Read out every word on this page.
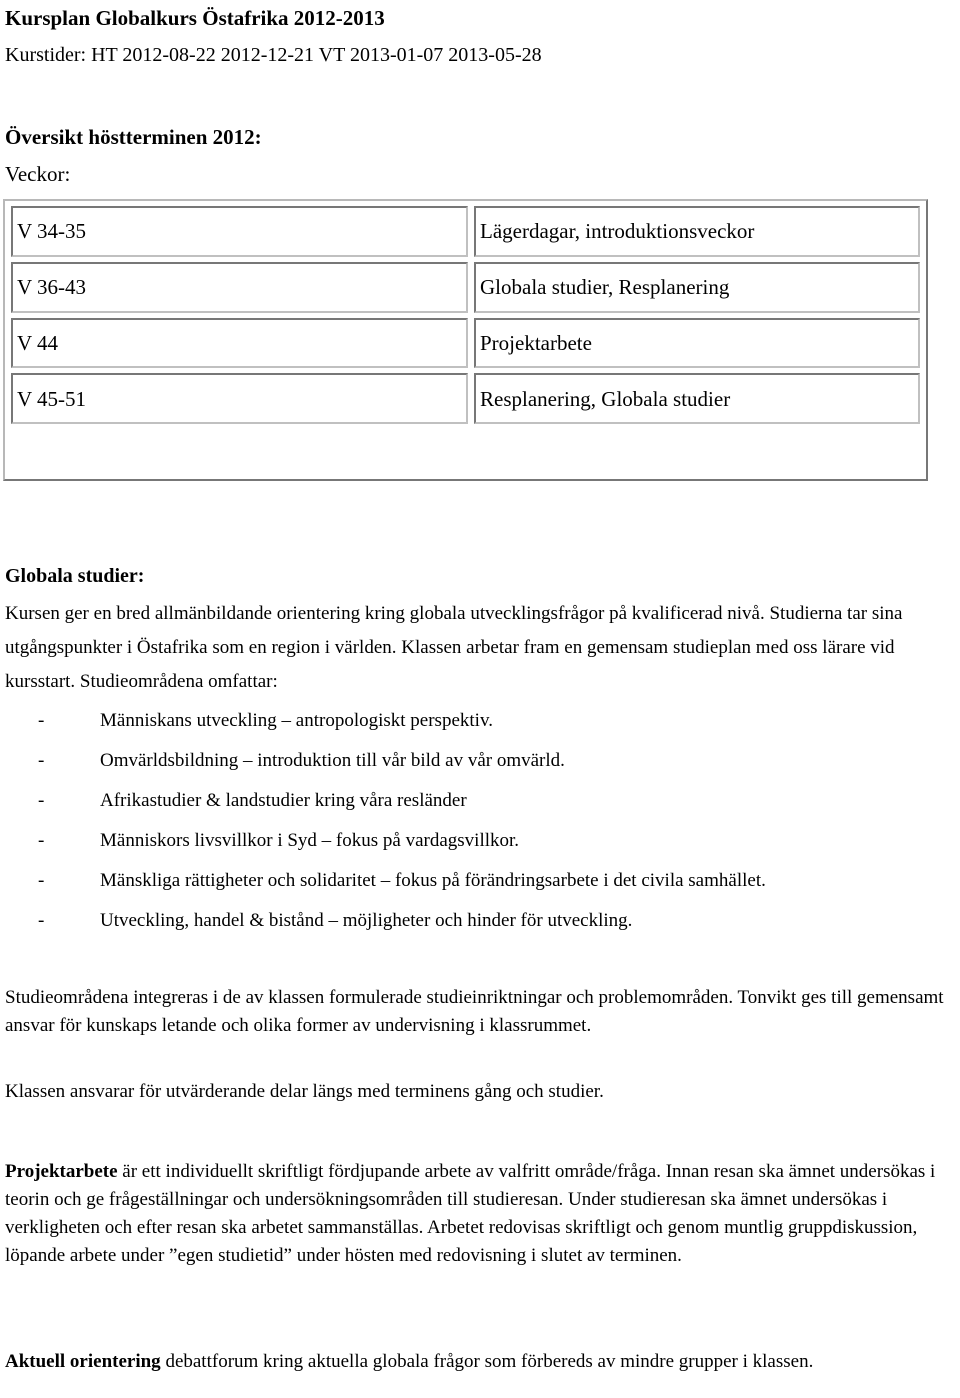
Kursplan Globalkurs Östafrika 2012-2013
Kurstider: HT 2012-08-22 2012-12-21 VT 2013-01-07 2013-05-28
Översikt höstterminen 2012:
Veckor:
V 34-35	Lägerdagar, introduktionsveckor
V 36-43	Globala studier, Resplanering
V 44	Projektarbete
V 45-51	Resplanering, Globala studier

Globala studier:
Kursen ger en bred allmänbildande orientering kring globala utvecklingsfrågor på kvalificerad nivå. Studierna tar sina utgångspunkter i Östafrika som en region i världen. Klassen arbetar fram en gemensam studieplan med oss lärare vid kursstart. Studieområdena omfattar:
-	Människans utveckling – antropologiskt perspektiv.
-	Omvärldsbildning – introduktion till vår bild av vår omvärld.
-	Afrikastudier & landstudier kring våra resländer
-	Människors livsvillkor i Syd – fokus på vardagsvillkor.
-	Mänskliga rättigheter och solidaritet – fokus på förändringsarbete i det civila samhället.
-	Utveckling, handel & bistånd – möjligheter och hinder för utveckling.
Studieområdena integreras i de av klassen formulerade studieinriktningar och problemområden. Tonvikt ges till gemensamt ansvar för kunskaps letande och olika former av undervisning i klassrummet.
Klassen ansvarar för utvärderande delar längs med terminens gång och studier.
Projektarbete är ett individuellt skriftligt fördjupande arbete av valfritt område/fråga. Innan resan ska ämnet undersökas i teorin och ge frågeställningar och undersökningsområden till studieresan. Under studieresan ska ämnet undersökas i verkligheten och efter resan ska arbetet sammanställas. Arbetet redovisas skriftligt och genom muntlig gruppdiskussion, löpande arbete under ”egen studietid” under hösten med redovisning i slutet av terminen.
Aktuell orientering debattforum kring aktuella globala frågor som förbereds av mindre grupper i klassen.
